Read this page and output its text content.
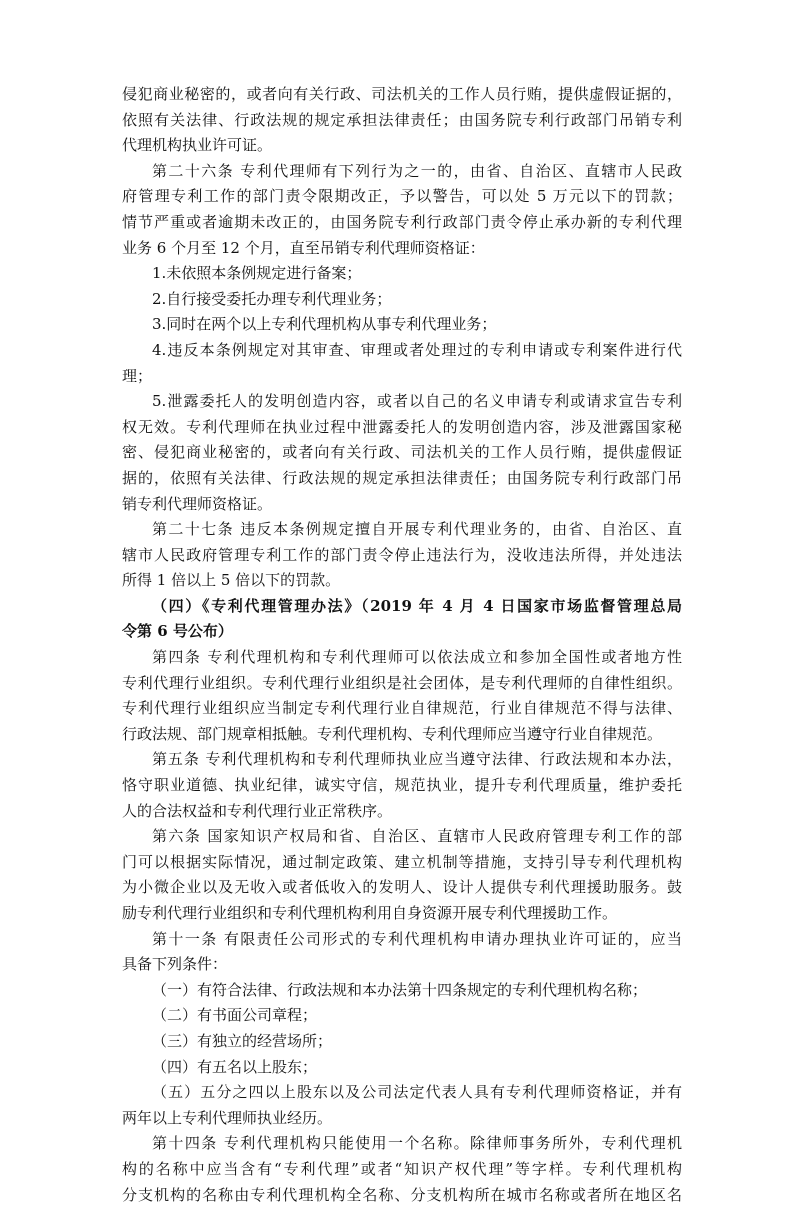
侵犯商业秘密的，或者向有关行政、司法机关的工作人员行贿，提供虚假证据的，
依照有关法律、行政法规的规定承担法律责任；由国务院专利行政部门吊销专利
代理机构执业许可证。
第二十六条 专利代理师有下列行为之一的，由省、自治区、直辖市人民政
府管理专利工作的部门责令限期改正，予以警告，可以处 5 万元以下的罚款；
情节严重或者逾期未改正的，由国务院专利行政部门责令停止承办新的专利代理
业务 6 个月至 12 个月，直至吊销专利代理师资格证：
1.未依照本条例规定进行备案；
2.自行接受委托办理专利代理业务；
3.同时在两个以上专利代理机构从事专利代理业务；
4.违反本条例规定对其审查、审理或者处理过的专利申请或专利案件进行代
理；
5.泄露委托人的发明创造内容，或者以自己的名义申请专利或请求宣告专利
权无效。专利代理师在执业过程中泄露委托人的发明创造内容，涉及泄露国家秘
密、侵犯商业秘密的，或者向有关行政、司法机关的工作人员行贿，提供虚假证
据的，依照有关法律、行政法规的规定承担法律责任；由国务院专利行政部门吊
销专利代理师资格证。
第二十七条 违反本条例规定擅自开展专利代理业务的，由省、自治区、直
辖市人民政府管理专利工作的部门责令停止违法行为，没收违法所得，并处违法
所得 1 倍以上 5 倍以下的罚款。
（四）《专利代理管理办法》（2019 年 4 月 4 日国家市场监督管理总局
令第 6 号公布）
第四条 专利代理机构和专利代理师可以依法成立和参加全国性或者地方性
专利代理行业组织。专利代理行业组织是社会团体，是专利代理师的自律性组织。
专利代理行业组织应当制定专利代理行业自律规范，行业自律规范不得与法律、
行政法规、部门规章相抵触。专利代理机构、专利代理师应当遵守行业自律规范。
第五条 专利代理机构和专利代理师执业应当遵守法律、行政法规和本办法，
恪守职业道德、执业纪律，诚实守信，规范执业，提升专利代理质量，维护委托
人的合法权益和专利代理行业正常秩序。
第六条 国家知识产权局和省、自治区、直辖市人民政府管理专利工作的部
门可以根据实际情况，通过制定政策、建立机制等措施，支持引导专利代理机构
为小微企业以及无收入或者低收入的发明人、设计人提供专利代理援助服务。鼓
励专利代理行业组织和专利代理机构利用自身资源开展专利代理援助工作。
第十一条 有限责任公司形式的专利代理机构申请办理执业许可证的，应当
具备下列条件：
（一）有符合法律、行政法规和本办法第十四条规定的专利代理机构名称；
（二）有书面公司章程；
（三）有独立的经营场所；
（四）有五名以上股东；
（五）五分之四以上股东以及公司法定代表人具有专利代理师资格证，并有
两年以上专利代理师执业经历。
第十四条 专利代理机构只能使用一个名称。除律师事务所外，专利代理机
构的名称中应当含有“专利代理”或者“知识产权代理”等字样。专利代理机构
分支机构的名称由专利代理机构全名称、分支机构所在城市名称或者所在地区名
